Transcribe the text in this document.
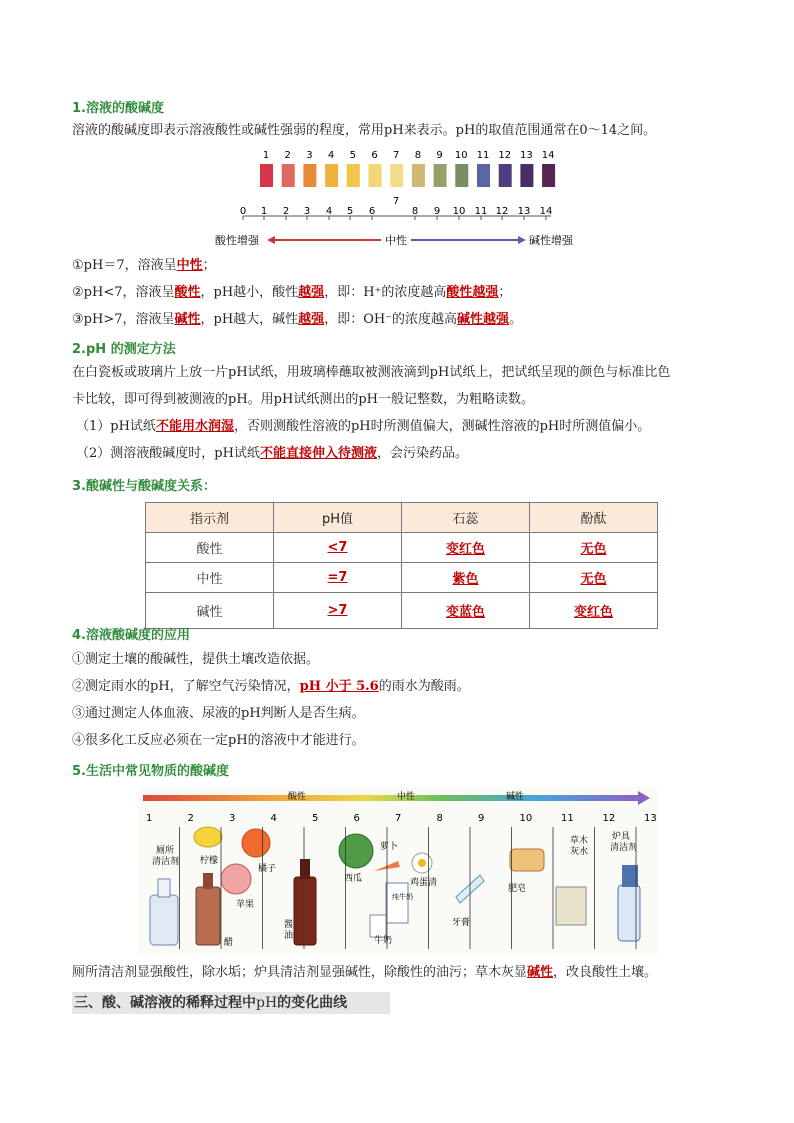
1.溶液的酸碱度
溶液的酸碱度即表示溶液酸性或碱性强弱的程度，常用pH来表示。pH的取值范围通常在0～14之间。
1 2 3 4 5 6 7 8 9 10 11 12 13 14
0 1 2 3 4 5 6	8 9 10 11 12 13 14
7
酸性增强	中性	碱性增强
①pH＝7，溶液呈中性；
②pH<7，溶液呈酸性，pH越小，酸性越强，即：H⁺的浓度越高酸性越强；
③pH>7，溶液呈碱性，pH越大，碱性越强，即：OH⁻的浓度越高碱性越强。
2.pH 的测定方法
在白瓷板或玻璃片上放一片pH试纸，用玻璃棒蘸取被测液滴到pH试纸上，把试纸呈现的颜色与标准比色
卡比较，即可得到被测液的pH。用pH试纸测出的pH一般记整数，为粗略读数。
（1）pH试纸不能用水润湿，否则测酸性溶液的pH时所测值偏大，测碱性溶液的pH时所测值偏小。
（2）测溶液酸碱度时，pH试纸不能直接伸入待测液，会污染药品。
3.酸碱性与酸碱度关系：
指示剂	pH值	石蕊	酚酞
酸性	<7	变红色	无色
中性	=7	紫色	无色
碱性	>7	变蓝色	变红色
4.溶液酸碱度的应用
①测定土壤的酸碱性，提供土壤改造依据。
②测定雨水的pH，了解空气污染情况，pH 小于 5.6的雨水为酸雨。
③通过测定人体血液、尿液的pH判断人是否生病。
④很多化工反应必须在一定pH的溶液中才能进行。
5.生活中常见物质的酸碱度
酸性	中性	碱性
1	2	3	4	5	6	7	8	9	10	11	12	13
厕所清洁剂 柠檬
橘子
苹果
醋
酱油
西瓜
萝卜
纯牛奶
牛奶
鸡蛋清
牙膏
肥皂
草木灰水
炉具清洁剂
厕所清洁剂显强酸性，除水垢；炉具清洁剂显强碱性，除酸性的油污；草木灰显碱性，改良酸性土壤。
三、酸、碱溶液的稀释过程中pH的变化曲线
